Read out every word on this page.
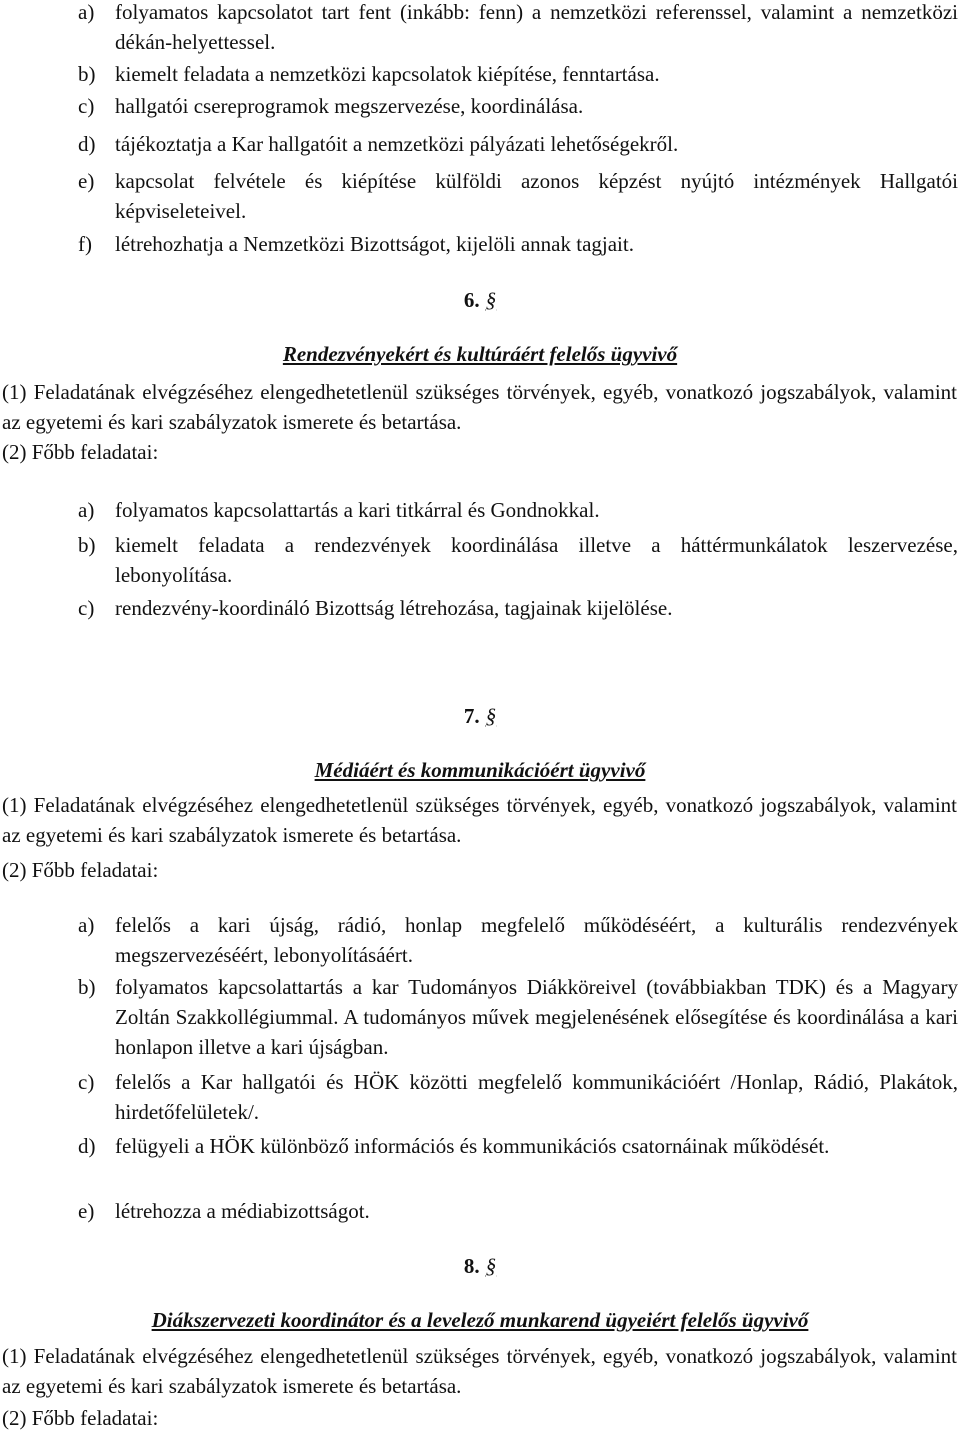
a) folyamatos kapcsolatot tart fent (inkább: fenn) a nemzetközi referenssel, valamint a nemzetközi dékán-helyettessel.
b) kiemelt feladata a nemzetközi kapcsolatok kiépítése, fenntartása.
c) hallgatói csereprogramok megszervezése, koordinálása.
d) tájékoztatja a Kar hallgatóit a nemzetközi pályázati lehetőségekről.
e) kapcsolat felvétele és kiépítése külföldi azonos képzést nyújtó intézmények Hallgatói képviseleteivel.
f) létrehozhatja a Nemzetközi Bizottságot, kijelöli annak tagjait.
6. §
Rendezvényekért és kultúráért felelős ügyvivő
(1) Feladatának elvégzéséhez elengedhetetlenül szükséges törvények, egyéb, vonatkozó jogszabályok, valamint az egyetemi és kari szabályzatok ismerete és betartása.
(2) Főbb feladatai:
a) folyamatos kapcsolattartás a kari titkárral és Gondnokkal.
b) kiemelt feladata a rendezvények koordinálása illetve a háttérmunkálatok leszervezése, lebonyolítása.
c) rendezvény-koordináló Bizottság létrehozása, tagjainak kijelölése.
7. §
Médiáért és kommunikációért ügyvivő
(1) Feladatának elvégzéséhez elengedhetetlenül szükséges törvények, egyéb, vonatkozó jogszabályok, valamint az egyetemi és kari szabályzatok ismerete és betartása.
(2) Főbb feladatai:
a) felelős a kari újság, rádió, honlap megfelelő működéséért, a kulturális rendezvények megszervezéséért, lebonyolításáért.
b) folyamatos kapcsolattartás a kar Tudományos Diákköreivel (továbbiakban TDK) és a Magyary Zoltán Szakkollégiummal. A tudományos művek megjelenésének elősegítése és koordinálása a kari honlapon illetve a kari újságban.
c) felelős a Kar hallgatói és HÖK közötti megfelelő kommunikációért /Honlap, Rádió, Plakátok, hirdetőfelületek/.
d) felügyeli a HÖK különböző információs és kommunikációs csatornáinak működését.
e) létrehozza a médiabizottságot.
8. §
Diákszervezeti koordinátor és a levelező munkarend ügyeiért felelős ügyvivő
(1) Feladatának elvégzéséhez elengedhetetlenül szükséges törvények, egyéb, vonatkozó jogszabályok, valamint az egyetemi és kari szabályzatok ismerete és betartása.
(2) Főbb feladatai:
